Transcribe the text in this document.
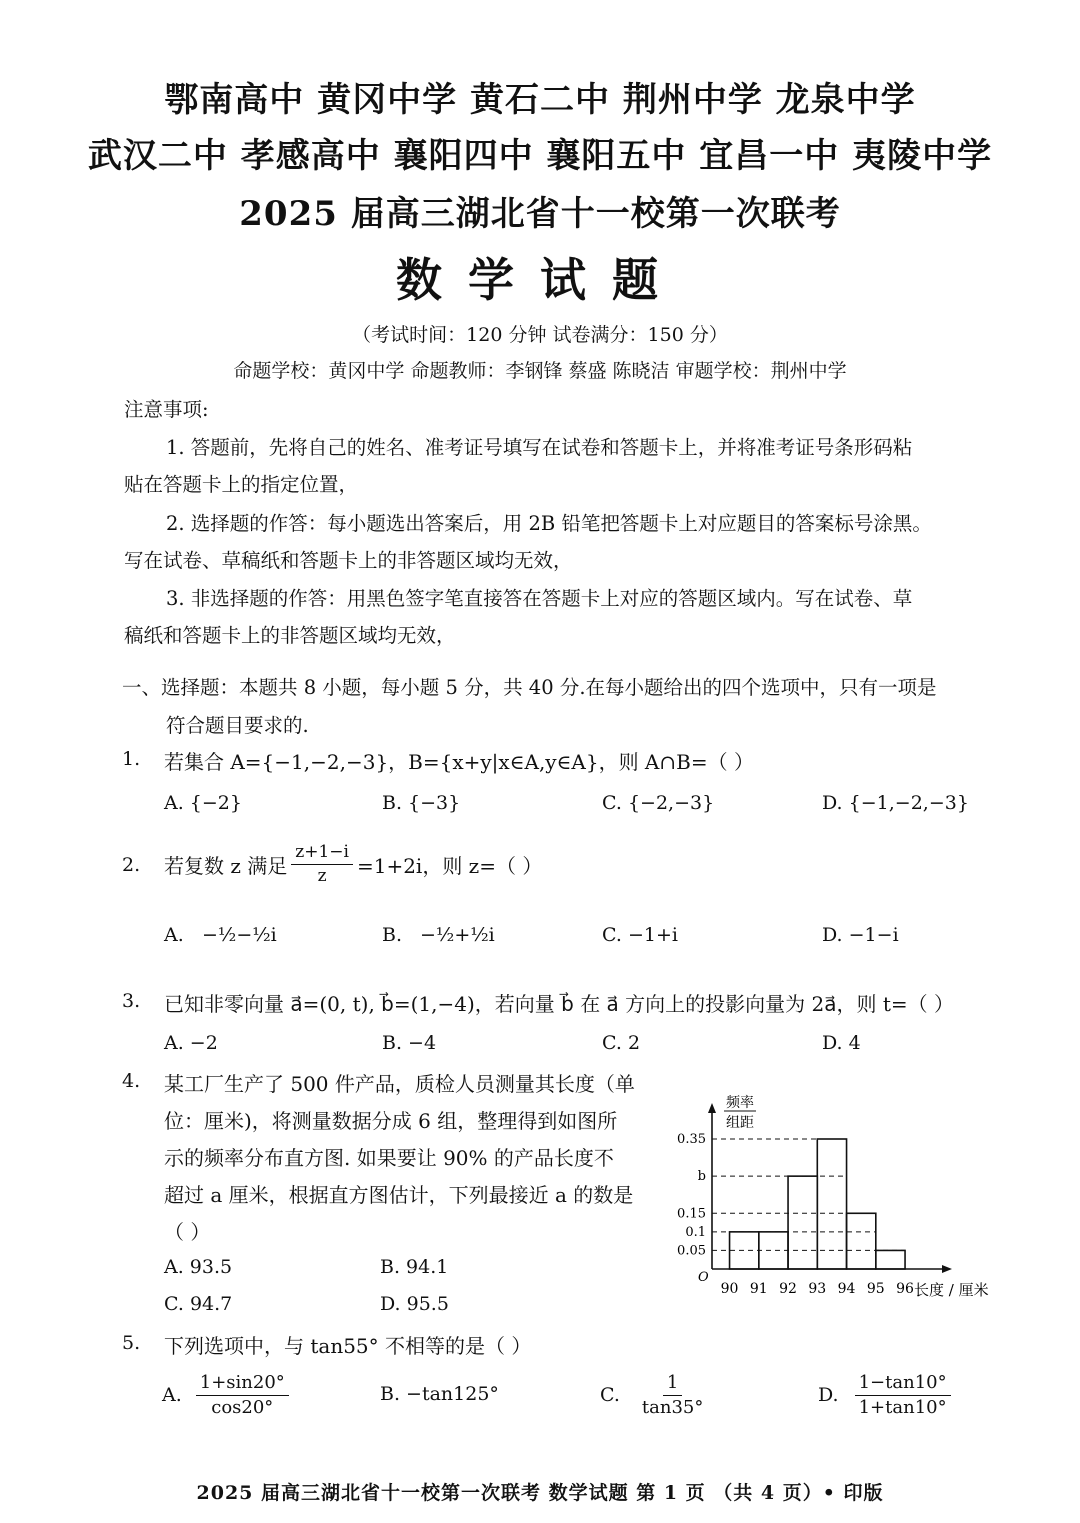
鄂南高中 黄冈中学 黄石二中 荆州中学 龙泉中学
武汉二中 孝感高中 襄阳四中 襄阳五中 宜昌一中 夷陵中学
2025 届高三湖北省十一校第一次联考
数学试题
（考试时间：120 分钟 试卷满分：150 分）
命题学校：黄冈中学 命题教师：李钢锋 蔡盛 陈晓洁 审题学校：荆州中学
注意事项:
1. 答题前，先将自己的姓名、准考证号填写在试卷和答题卡上，并将准考证号条形码粘
贴在答题卡上的指定位置，
2. 选择题的作答：每小题选出答案后，用 2B 铅笔把答题卡上对应题目的答案标号涂黑。
写在试卷、草稿纸和答题卡上的非答题区域均无效，
3. 非选择题的作答：用黑色签字笔直接答在答题卡上对应的答题区域内。写在试卷、草
稿纸和答题卡上的非答题区域均无效，
一、选择题：本题共 8 小题，每小题 5 分，共 40 分.在每小题给出的四个选项中，只有一项是
符合题目要求的.
1. 若集合 A={−1,−2,−3}，B={x+y|x∈A,y∈A}，则 A∩B=（ ）
A. {−2}	B. {−3}	C. {−2,−3}	D. {−1,−2,−3}
2. 若复数 z 满足 $\frac{z+1-i}{z} =1+2i$，则 z=（ ）
A. −½−½i	B. −½+½i	C. −1+i	D. −1−i
3. 已知非零向量 a⃗=(0, t), b⃗=(1,−4)，若向量 b⃗ 在 a⃗ 方向上的投影向量为 2a⃗，则 t=（ ）
A. −2	B. −4	C. 2	D. 4
4. 某工厂生产了 500 件产品，质检人员测量其长度（单
位：厘米)，将测量数据分成 6 组，整理得到如图所
示的频率分布直方图. 如果要让 90% 的产品长度不
超过 a 厘米，根据直方图估计，下列最接近 a 的数是
（ ）
A. 93.5	B. 94.1
C. 94.7	D. 95.5
频率
组距
O
0.35
b
0.15
0.1
0.05
90 91 92 93 94 95 96 长度 / 厘米
5. 下列选项中，与 tan55° 不相等的是（ ）
A. $\frac{1+\sin 20^\circ}{\cos 20^\circ}$	B. −tan125°	C. $\frac{1}{\tan 35^\circ}$	D. $\frac{1-\tan 10^\circ}{1+\tan 10^\circ}$
2025 届高三湖北省十一校第一次联考 数学试题 第 1 页 （共 4 页）• 印版
